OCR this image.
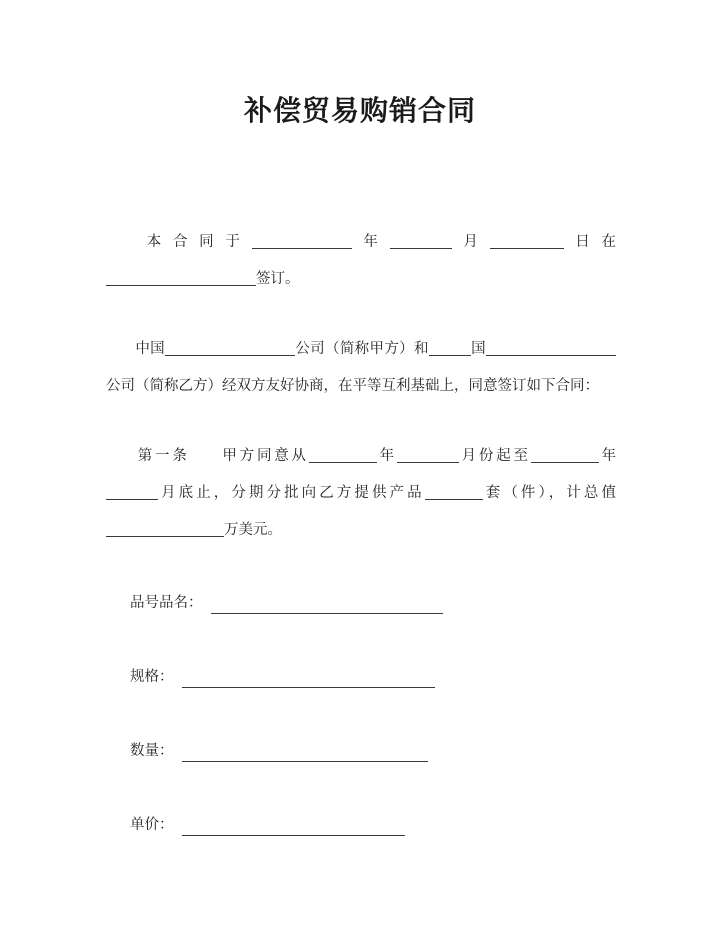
补偿贸易购销合同

本合同于	年	月	日在签订。

中国	公司（简称甲方）和	国公司（简称乙方）经双方友好协商，在平等互利基础上，同意签订如下合同：

第一条 甲方同意从	年	月份起至	年月底止，分期分批向乙方提供产品	套（件），计总值万美元。

品号品名：
规格：
数量：
单价：
